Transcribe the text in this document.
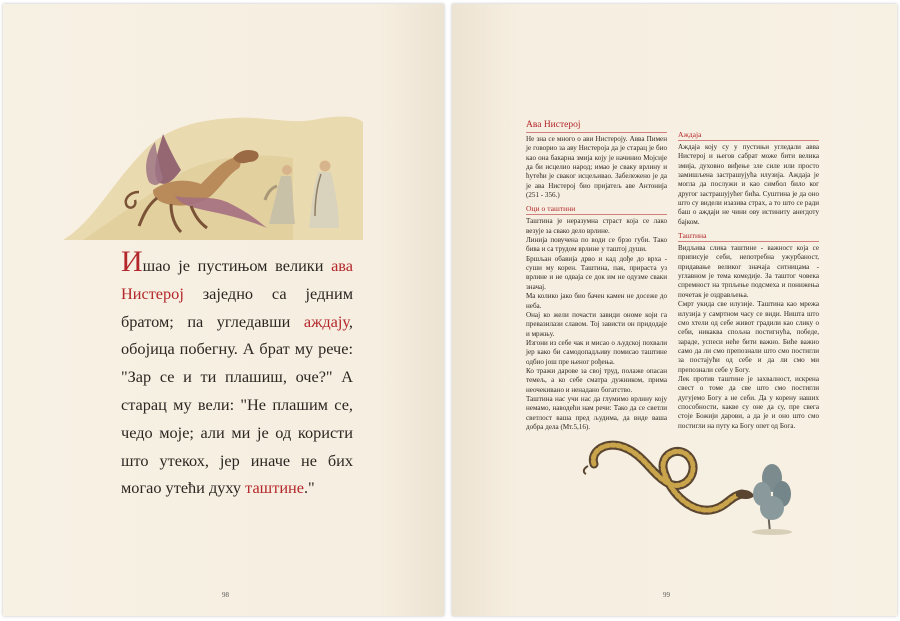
Ишао је пустињом велики ава Нистерој заједно са једним братом; па угледавши аждају, обојица побегну. А брат му рече: "Зар се и ти плашиш, оче?" А старац му вели: "Не плашим се, чедо моје; али ми је од користи што утекох, јер иначе не бих могао утећи духу таштине."
98
Ава Нистерој

Не зна се много о ави Нистероју. Авва Пимен је говорио за аву Нистероја да је старац је био као она бакарна змија коју је начинио Мојсије да би исцелио народ; имао је сваку врлину и ћутећи је свакoг исцељивао. Забележено је да је ава Нистерој био пријатељ аве Антонија (251 - 356.)

Оци о таштини

Таштина је неразумна страст која се лако везује за свако дело врлине.

Линија повучена по води се брзо губи. Тако бива и са трудом врлине у таштој души.

Бршљан обавија дрво и кад дође до врха - суши му корен. Таштина, пак, прираста уз врлине и не одваја се док им не одузме сваки значај.

Ма колико јако био бачен камен не досеже до неба.

Онај ко жели почасти завиди ономе који га превазилази славом. Тој зависти он придодаје и мржњу.

Изгони из себе чак и мисао о људској похвали јер како би самодопадљиву помисао таштине одбио још пре њеног рођења.

Ко тражи дарове за свој труд, полаже опасан темељ, а ко себе сматра дужником, прима неочекивано и ненадано богатство.

Таштина нас учи нас да глумимо врлину коју немамо, наводећи нам речи: Тако да се светли светлост ваша пред људима, да виде ваша добра дела (Мт.5,16).

Аждаја

Аждаја коју су у пустињи угледали авва Нистерој и његов сабрат може бити велика змија, духовно виђење зле силе или просто замишљена застрашујућа илузија. Аждаја је могла да послужи и као симбол било ког другог застрашујућег бића. Суштина је да оно што су видели изазива страх, а то што се ради баш о аждаји не чини ову истиниту анегдоту бајком.

Таштина

Видљива слика таштине - важност која се приписује себи, непотребна ужурбаност, придавање великог значаја ситницама - углавном је тема комедије. За таштог човека спремност на трпљење подсмеха и понижења почетак је оздрављења.

Смрт укида све илузије. Таштина као мрежа илузија у самртном часу се види. Ништа што смо хтели од себе живот градили као слику о себи, никаква спољна постигнућа, победе, зараде, успеси неће бити важно. Биће важно само да ли смо препознали што смо постигли за постајући од себе и да ли смо ми препознали себе у Богу.

Лек против таштине је захвалност, искрена свест о томе да све што смо постигли дугујемо Богу а не себи. Да у корену наших способности, какве су оне да су, пре свега стоје Божији дарови, а да је и оно што смо постигли на путу ка Богу опет од Бога.

99
